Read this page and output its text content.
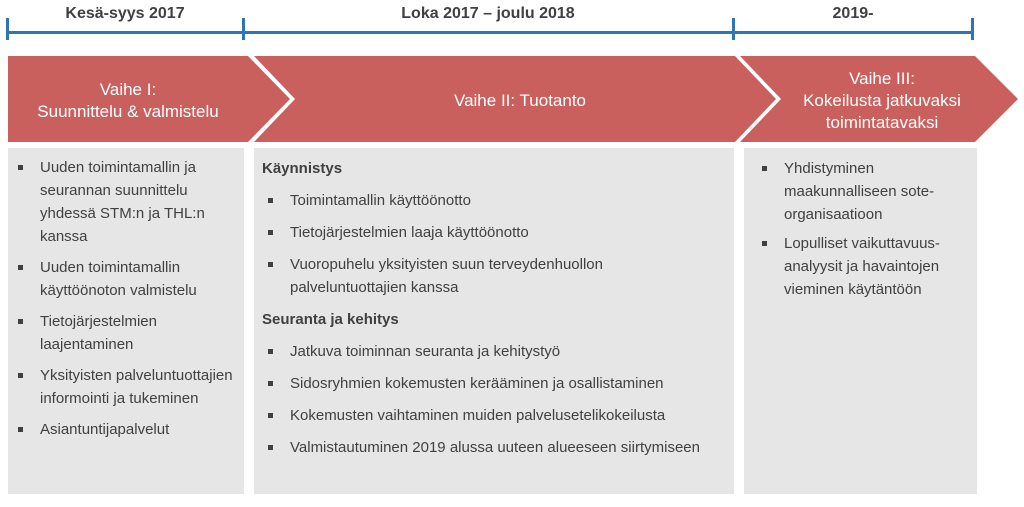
Kesä-syys 2017	Loka 2017 – joulu 2018	2019-
Vaihe I:
Suunnittelu & valmistelu
Vaihe II: Tuotanto
Vaihe III:
Kokeilusta jatkuvaksi
toimintatavaksi
Uuden toimintamallin ja seurannan suunnittelu yhdessä STM:n ja THL:n kanssa
Uuden toimintamallin käyttöönoton valmistelu
Tietojärjestelmien laajentaminen
Yksityisten palveluntuottajien informointi ja tukeminen
Asiantuntijapalvelut
Käynnistys
Toimintamallin käyttöönotto
Tietojärjestelmien laaja käyttöönotto
Vuoropuhelu yksityisten suun terveydenhuollon palveluntuottajien kanssa
Seuranta ja kehitys
Jatkuva toiminnan seuranta ja kehitystyö
Sidosryhmien kokemusten kerääminen ja osallistaminen
Kokemusten vaihtaminen muiden palvelusetelikokeilusta
Valmistautuminen 2019 alussa uuteen alueeseen siirtymiseen
Yhdistyminen maakunnalliseen sote-organisaatioon
Lopulliset vaikuttavuus-analyysit ja havaintojen vieminen käytäntöön
